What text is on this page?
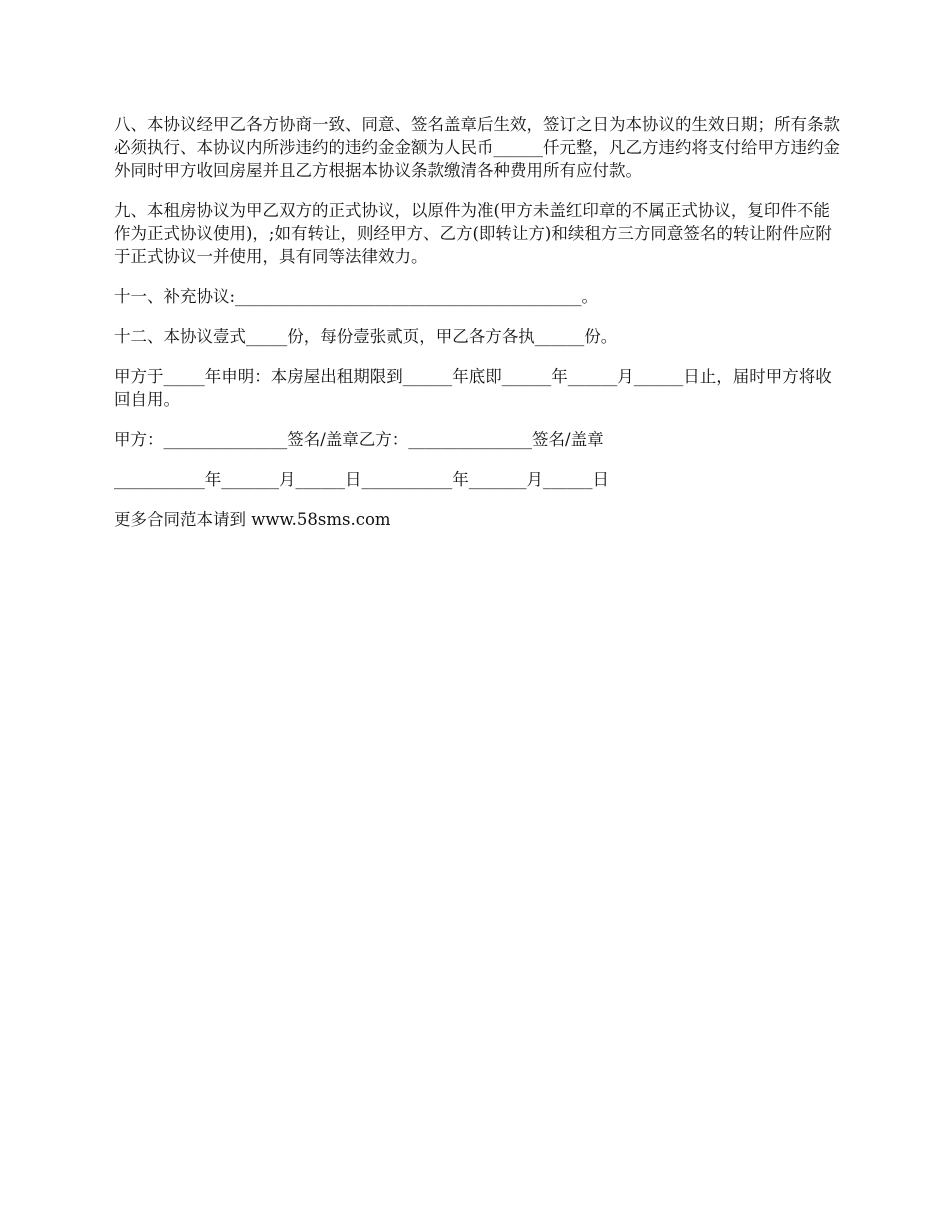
八、本协议经甲乙各方协商一致、同意、签名盖章后生效，签订之日为本协议的生效日期；所有条款必须执行、本协议内所涉违约的违约金金额为人民币______仟元整，凡乙方违约将支付给甲方违约金外同时甲方收回房屋并且乙方根据本协议条款缴清各种费用所有应付款。

九、本租房协议为甲乙双方的正式协议，以原件为准(甲方未盖红印章的不属正式协议，复印件不能作为正式协议使用)，;如有转让，则经甲方、乙方(即转让方)和续租方三方同意签名的转让附件应附于正式协议一并使用，具有同等法律效力。

十一、补充协议:__________________________________________。

十二、本协议壹式_____份，每份壹张贰页，甲乙各方各执______份。

甲方于_____年申明：本房屋出租期限到______年底即______年______月______日止，届时甲方将收回自用。

甲方：_______________签名/盖章乙方：_______________签名/盖章

___________年_______月______日___________年_______月______日

更多合同范本请到 www.58sms.com
